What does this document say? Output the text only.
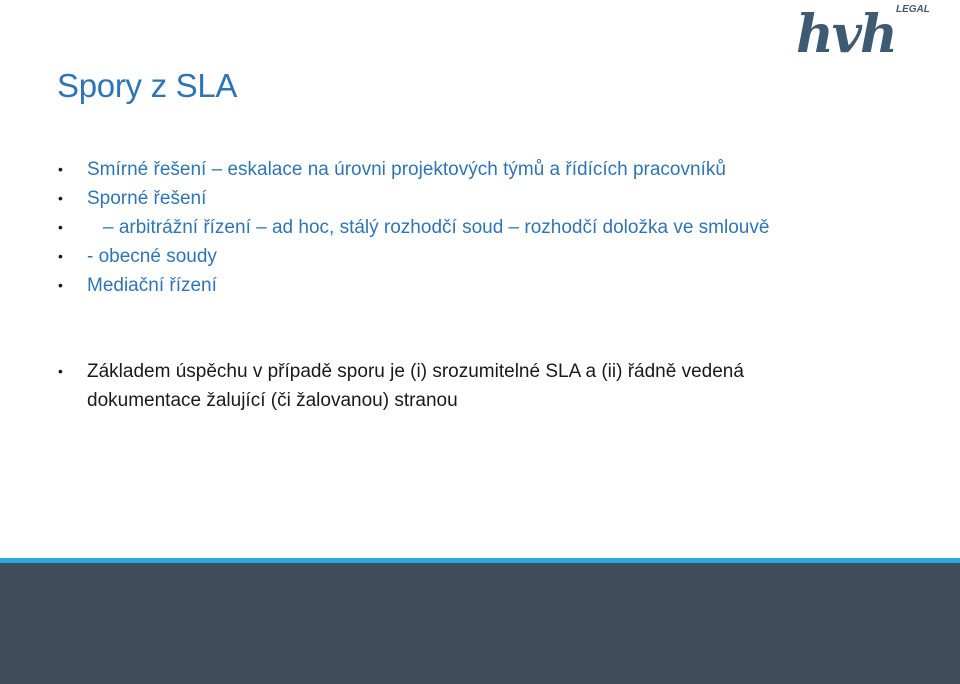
hvh LEGAL
Spory z SLA
• Smírné řešení – eskalace na úrovni projektových týmů a řídících pracovníků
• Sporné řešení
• – arbitrážní řízení – ad hoc, stálý rozhodčí soud – rozhodčí doložka ve smlouvě
• - obecné soudy
• Mediační řízení
• Základem úspěchu v případě sporu je (i) srozumitelné SLA a (ii) řádně vedená
dokumentace žalující (či žalovanou) stranou
